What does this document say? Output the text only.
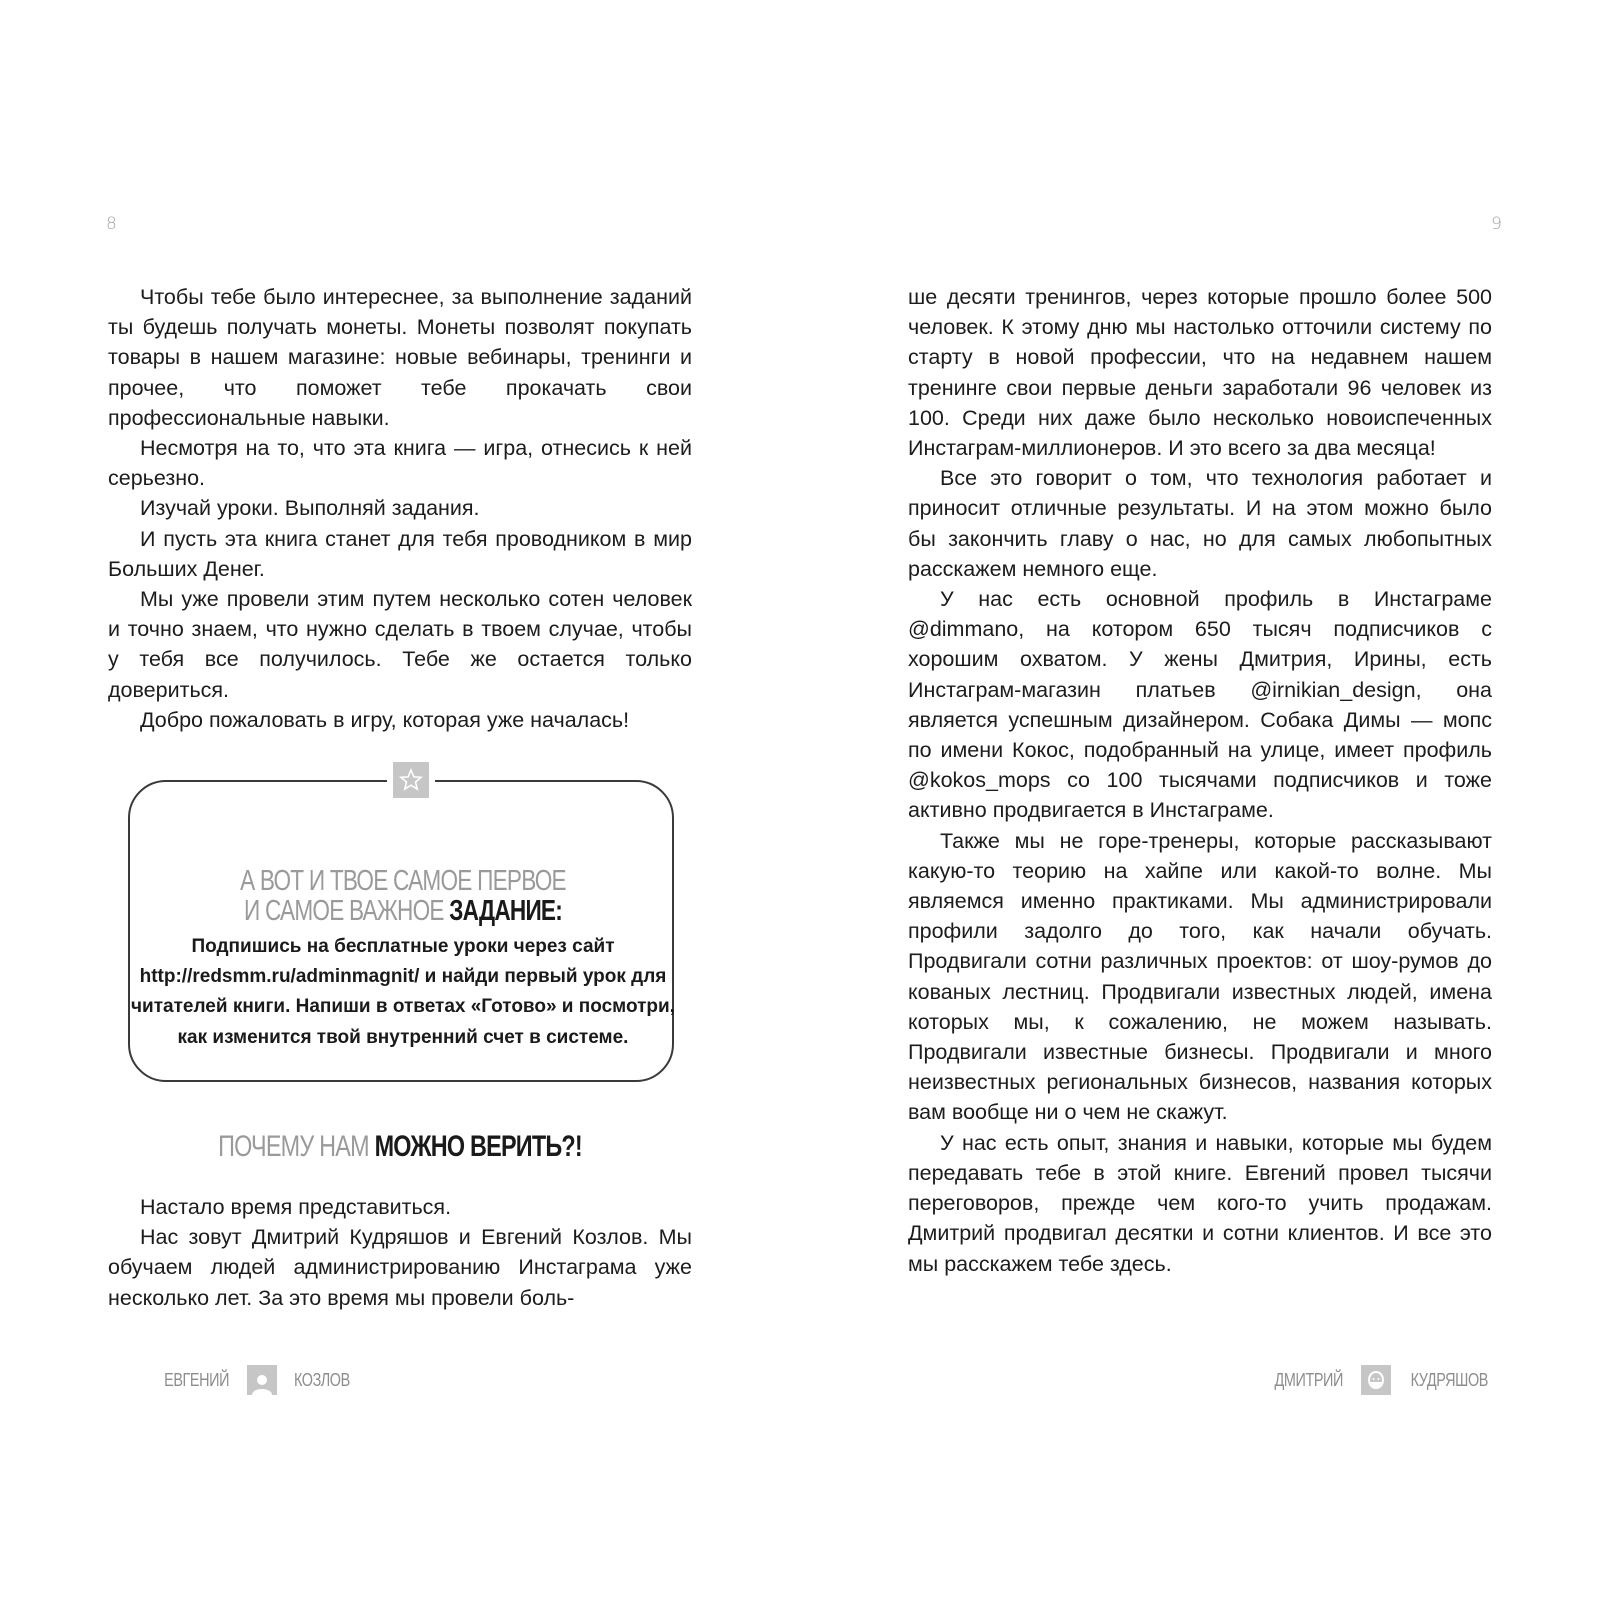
8

Чтобы тебе было интереснее, за выполнение заданий ты будешь получать монеты. Монеты позволят покупать товары в нашем магазине: новые вебинары, тренинги и прочее, что поможет тебе прокачать свои профессиональные навыки.

Несмотря на то, что эта книга — игра, отнесись к ней серьезно.

Изучай уроки. Выполняй задания.

И пусть эта книга станет для тебя проводником в мир Больших Денег.

Мы уже провели этим путем несколько сотен человек и точно знаем, что нужно сделать в твоем случае, чтобы у тебя все получилось. Тебе же остается только довериться.

Добро пожаловать в игру, которая уже началась!

А ВОТ И ТВОЕ САМОЕ ПЕРВОЕ
И САМОЕ ВАЖНОЕ ЗАДАНИЕ:
Подпишись на бесплатные уроки через сайт http://redsmm.ru/adminmagnit/ и найди первый урок для читателей книги. Напиши в ответах «Готово» и посмотри, как изменится твой внутренний счет в системе.
ПОЧЕМУ НАМ МОЖНО ВЕРИТЬ?!

Настало время представиться.

Нас зовут Дмитрий Кудряшов и Евгений Козлов. Мы обучаем людей администрированию Инстаграма уже несколько лет. За это время мы провели боль-

ЕВГЕНИЙ	КОЗЛОВ
9

ше десяти тренингов, через которые прошло более 500 человек. К этому дню мы настолько отточили систему по старту в новой профессии, что на недавнем нашем тренинге свои первые деньги заработали 96 человек из 100. Среди них даже было несколько новоиспеченных Инстаграм-миллионеров. И это всего за два месяца!

Все это говорит о том, что технология работает и приносит отличные результаты. И на этом можно было бы закончить главу о нас, но для самых любопытных расскажем немного еще.

У нас есть основной профиль в Инстаграме @dimmano, на котором 650 тысяч подписчиков с хорошим охватом. У жены Дмитрия, Ирины, есть Инстаграм-магазин платьев @irnikian_design, она является успешным дизайнером. Собака Димы — мопс по имени Кокос, подобранный на улице, имеет профиль @kokos_mops со 100 тысячами подписчиков и тоже активно продвигается в Инстаграме.

Также мы не горе-тренеры, которые рассказывают какую-то теорию на хайпе или какой-то волне. Мы являемся именно практиками. Мы администрировали профили задолго до того, как начали обучать. Продвигали сотни различных проектов: от шоу-румов до кованых лестниц. Продвигали известных людей, имена которых мы, к сожалению, не можем называть. Продвигали известные бизнесы. Продвигали и много неизвестных региональных бизнесов, названия которых вам вообще ни о чем не скажут.

У нас есть опыт, знания и навыки, которые мы будем передавать тебе в этой книге. Евгений провел тысячи переговоров, прежде чем кого-то учить продажам. Дмитрий продвигал десятки и сотни клиентов. И все это мы расскажем тебе здесь.

ДМИТРИЙ	КУДРЯШОВ
